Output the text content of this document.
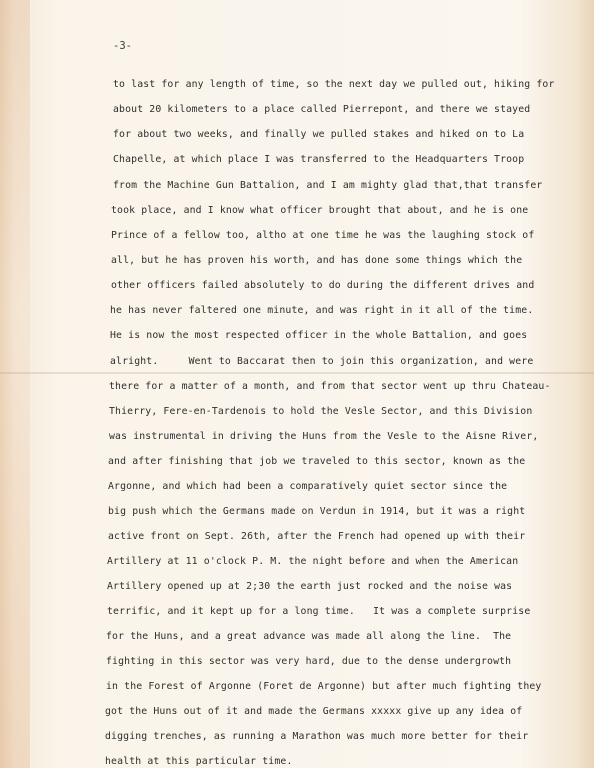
-3-
to last for any length of time, so the next day we pulled out, hiking for
about 20 kilometers to a place called Pierrepont, and there we stayed
for about two weeks, and finally we pulled stakes and hiked on to La
Chapelle, at which place I was transferred to the Headquarters Troop
from the Machine Gun Battalion, and I am mighty glad that,that transfer
took place, and I know what officer brought that about, and he is one
Prince of a fellow too, altho at one time he was the laughing stock of
all, but he has proven his worth, and has done some things which the
other officers failed absolutely to do during the different drives and
he has never faltered one minute, and was right in it all of the time.
He is now the most respected officer in the whole Battalion, and goes
alright.     Went to Baccarat then to join this organization, and were
there for a matter of a month, and from that sector went up thru Chateau-
Thierry, Fere-en-Tardenois to hold the Vesle Sector, and this Division
was instrumental in driving the Huns from the Vesle to the Aisne River,
and after finishing that job we traveled to this sector, known as the
Argonne, and which had been a comparatively quiet sector since the
big push which the Germans made on Verdun in 1914, but it was a right
active front on Sept. 26th, after the French had opened up with their
Artillery at 11 o'clock P. M. the night before and when the American
Artillery opened up at 2;30 the earth just rocked and the noise was
terrific, and it kept up for a long time.   It was a complete surprise
for the Huns, and a great advance was made all along the line.  The
fighting in this sector was very hard, due to the dense undergrowth
in the Forest of Argonne (Foret de Argonne) but after much fighting they
got the Huns out of it and made the Germans xxxxx give up any idea of
digging trenches, as running a Marathon was much more better for their
health at this particular time.
